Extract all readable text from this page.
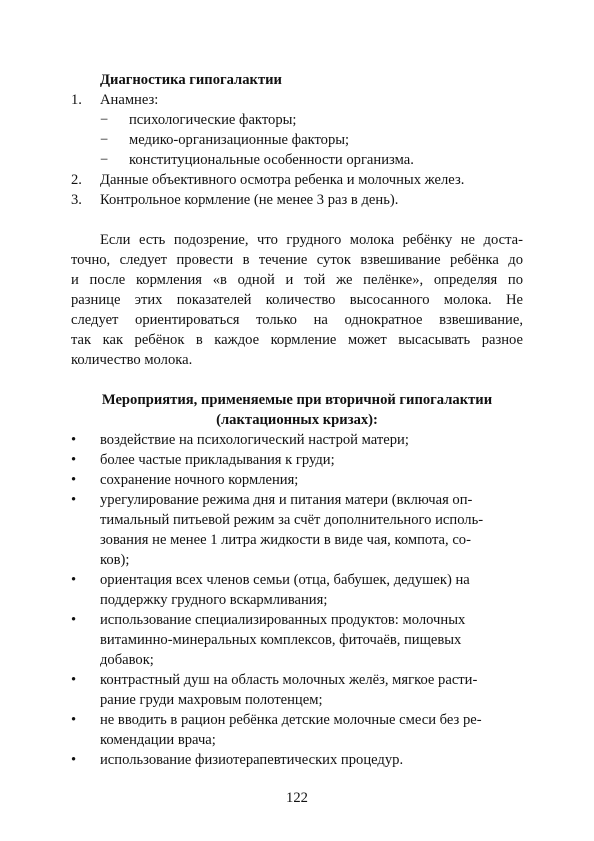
Диагностика гипогалактии
1.	Анамнез:
−	психологические факторы;
−	медико-организационные факторы;
−	конституциональные особенности организма.
2.	Данные объективного осмотра ребенка и молочных желез.
3.	Контрольное кормление (не менее 3 раз в день).
Если есть подозрение, что грудного молока ребёнку не доста-
точно, следует провести в течение суток взвешивание ребёнка до
и после кормления «в одной и той же пелёнке», определяя по
разнице этих показателей количество высосанного молока. Не
следует ориентироваться только на однократное взвешивание,
так как ребёнок в каждое кормление может высасывать разное
количество молока.
Мероприятия, применяемые при вторичной гипогалактии
(лактационных кризах):
•	воздействие на психологический настрой матери;
•	более частые прикладывания к груди;
•	сохранение ночного кормления;
•	урегулирование режима дня и питания матери (включая оп-
тимальный питьевой режим за счёт дополнительного исполь-
зования не менее 1 литра жидкости в виде чая, компота, со-
ков);
•	ориентация всех членов семьи (отца, бабушек, дедушек) на
поддержку грудного вскармливания;
•	использование специализированных продуктов: молочных
витаминно-минеральных комплексов, фиточаёв, пищевых
добавок;
•	контрастный душ на область молочных желёз, мягкое расти-
рание груди махровым полотенцем;
•	не вводить в рацион ребёнка детские молочные смеси без ре-
комендации врача;
•	использование физиотерапевтических процедур.
122
